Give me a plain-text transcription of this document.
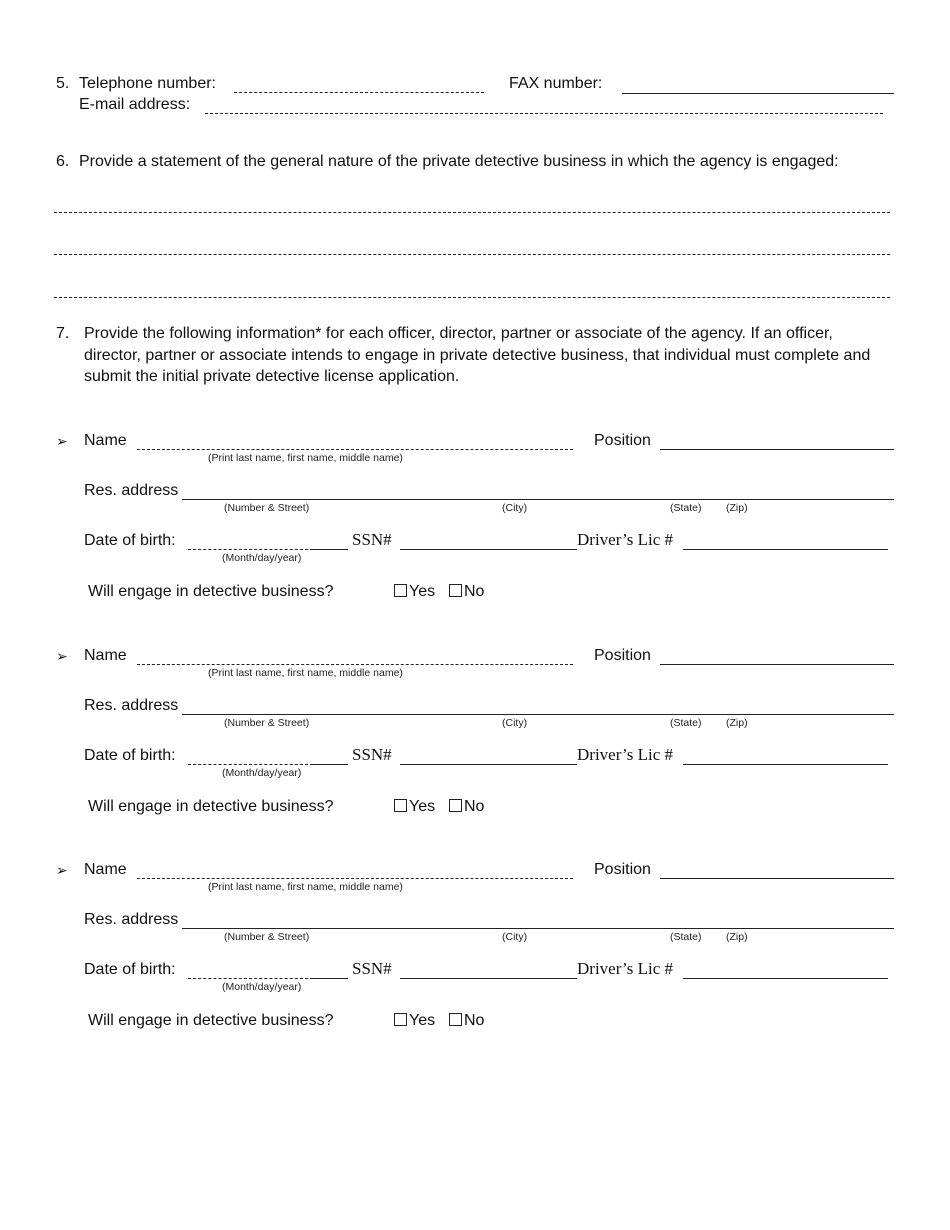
5. Telephone number:	FAX number:
E-mail address:
6. Provide a statement of the general nature of the private detective business in which the agency is engaged:
7. Provide the following information* for each officer, director, partner or associate of the agency. If an officer, director, partner or associate intends to engage in private detective business, that individual must complete and submit the initial private detective license application.
➢ Name
(Print last name, first name, middle name)
Position
Res. address
(Number & Street)	(City)	(State) (Zip)
Date of birth:
(Month/day/year)
SSN#	Driver’s Lic #
Will engage in detective business?	Yes	No
➢ Name
(Print last name, first name, middle name)
Position
Res. address
(Number & Street)	(City)	(State) (Zip)
Date of birth:
(Month/day/year)
SSN#	Driver’s Lic #
Will engage in detective business?	Yes	No
➢ Name
(Print last name, first name, middle name)
Position
Res. address
(Number & Street)	(City)	(State) (Zip)
Date of birth:
(Month/day/year)
SSN#	Driver’s Lic #
Will engage in detective business?	Yes	No
